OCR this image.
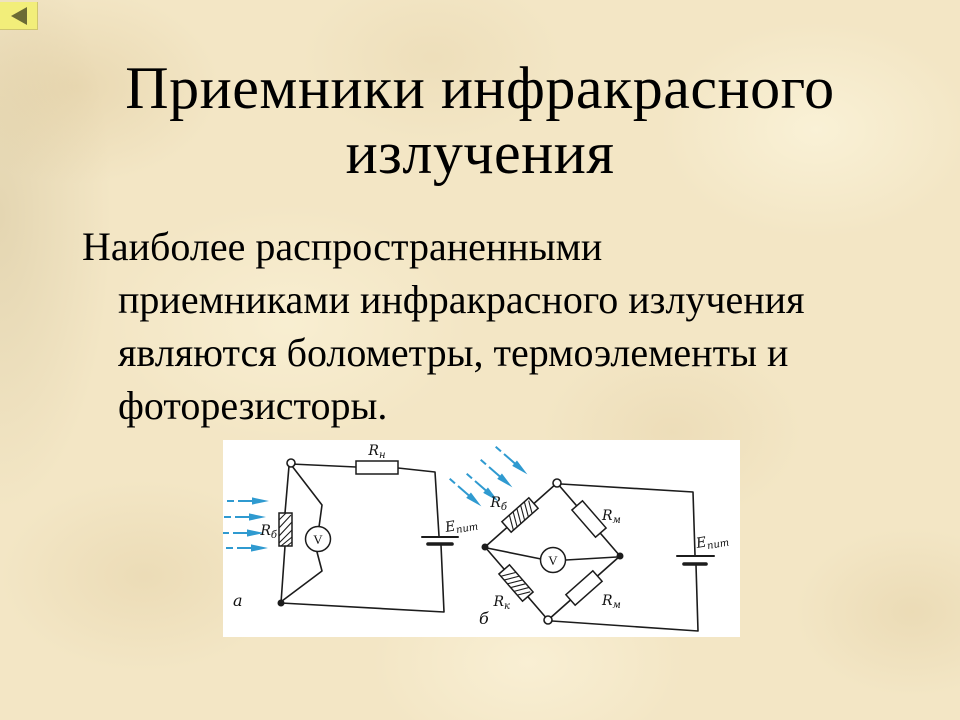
Приемники инфракрасного
излучения
Наиболее распространенными
приемниками инфракрасного излучения
являются болометры, термоэлементы и
фоторезисторы.
V
$R_н$
$R_б$	$E_{пит}$
а
V
$R_б$
$R_м$
$R_к$	$R_м$
$E_{пит}$
б
